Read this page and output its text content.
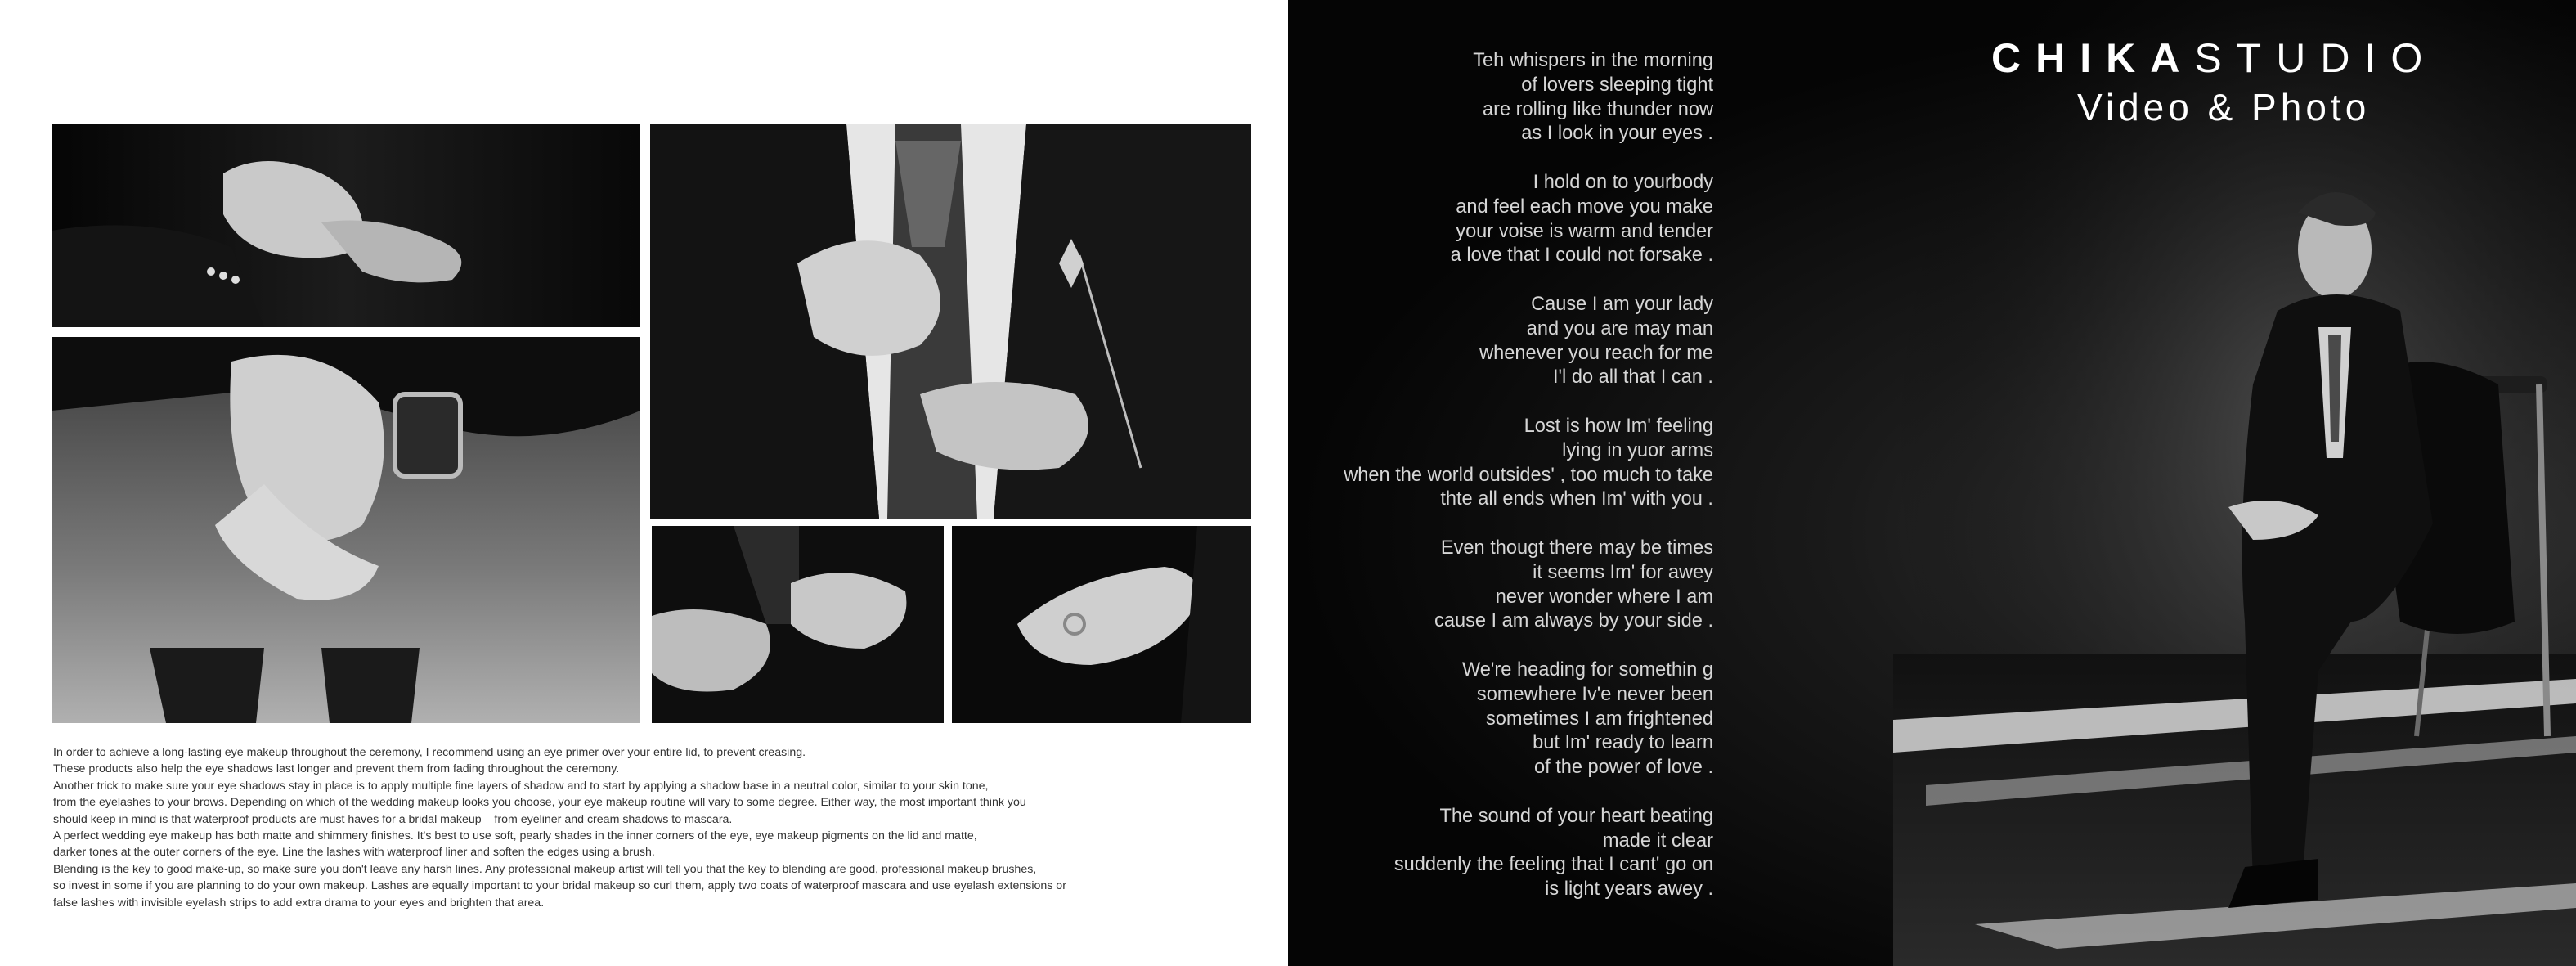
In order to achieve a long-lasting eye makeup throughout the ceremony, I recommend using an eye primer over your entire lid, to prevent creasing.

These products also help the eye shadows last longer and prevent them from fading throughout the ceremony.

Another trick to make sure your eye shadows stay in place is to apply multiple fine layers of shadow and to start by applying a shadow base in a neutral color, similar to your skin tone,

from the eyelashes to your brows. Depending on which of the wedding makeup looks you choose, your eye makeup routine will vary to some degree. Either way, the most important think you

should keep in mind is that waterproof products are must haves for a bridal makeup – from eyeliner and cream shadows to mascara.

A perfect wedding eye makeup has both matte and shimmery finishes. It's best to use soft, pearly shades in the inner corners of the eye, eye makeup pigments on the lid and matte,

darker tones at the outer corners of the eye. Line the lashes with waterproof liner and soften the edges using a brush.

Blending is the key to good make-up, so make sure you don't leave any harsh lines. Any professional makeup artist will tell you that the key to blending are good, professional makeup brushes,

so invest in some if you are planning to do your own makeup. Lashes are equally important to your bridal makeup so curl them, apply two coats of waterproof mascara and use eyelash extensions or

false lashes with invisible eyelash strips to add extra drama to your eyes and brighten that area.

Teh whispers in the morning

of lovers sleeping tight

are rolling like thunder now

as I look in your eyes .

I hold on to yourbody

and feel each move you make

your voise is warm and tender

a love that I could not forsake .

Cause I am your lady

and you are may man

whenever you reach for me

I'l do all that I can .

Lost is how Im' feeling

lying in yuor arms

when the world outsides' , too much to take

thte all ends when Im' with you .

Even thougt there may be times

it seems Im' for awey

never wonder where I am

cause I am always by your side .

We're heading for somethin g

somewhere Iv'e never been

sometimes I am frightened

but Im' ready to learn

of the power of love .

The sound of your heart beating

made it clear

suddenly the feeling that I cant' go on

is light years awey .

CHIKASTUDIO
Video & Photo
